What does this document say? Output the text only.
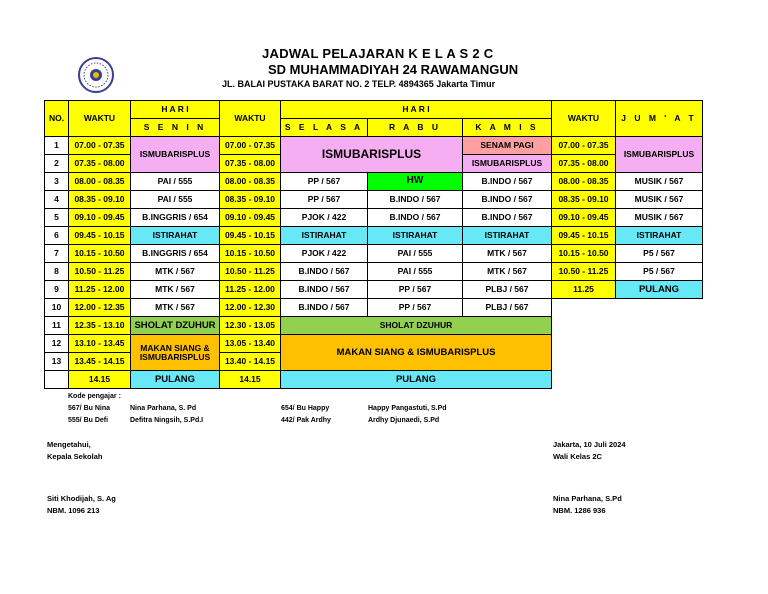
JADWAL PELAJARAN K E L A S 2 C
SD MUHAMMADIYAH 24 RAWAMANGUN
JL. BALAI PUSTAKA BARAT NO. 2 TELP. 4894365 Jakarta Timur
NO.	WAKTU	H A R I	WAKTU	H A R I			WAKTU	J U M ' A T
		S E N I N		S E L A S A	R A B U	K A M I S		
1	07.00 - 07.35	ISMUBARISPLUS	07.00 - 07.35	ISMUBARISPLUS		SENAM PAGI	07.00 - 07.35	ISMUBARISPLUS
2	07.35 - 08.00		07.35 - 08.00			ISMUBARISPLUS	07.35 - 08.00	
3	08.00 - 08.35	PAI / 555	08.00 - 08.35	PP / 567	HW	B.INDO / 567	08.00 - 08.35	MUSIK / 567
4	08.35 - 09.10	PAI / 555	08.35 - 09.10	PP / 567	B.INDO / 567	B.INDO / 567	08.35 - 09.10	MUSIK / 567
5	09.10 - 09.45	B.INGGRIS / 654	09.10 - 09.45	PJOK / 422	B.INDO / 567	B.INDO / 567	09.10 - 09.45	MUSIK / 567
6	09.45 - 10.15	ISTIRAHAT	09.45 - 10.15	ISTIRAHAT	ISTIRAHAT	ISTIRAHAT	09.45 - 10.15	ISTIRAHAT
7	10.15 - 10.50	B.INGGRIS / 654	10.15 - 10.50	PJOK / 422	PAI / 555	MTK / 567	10.15 - 10.50	P5 / 567
8	10.50 - 11.25	MTK / 567	10.50 - 11.25	B.INDO / 567	PAI / 555	MTK / 567	10.50 - 11.25	P5 / 567
9	11.25 - 12.00	MTK / 567	11.25 - 12.00	B.INDO / 567	PP / 567	PLBJ / 567	11.25	PULANG
10	12.00 - 12.35	MTK / 567	12.00 - 12.30	B.INDO / 567	PP / 567	PLBJ / 567		
11	12.35 - 13.10	SHOLAT DZUHUR	12.30 - 13.05	SHOLAT DZUHUR				
12	13.10 - 13.45	MAKAN SIANG & ISMUBARISPLUS	13.05 - 13.40	MAKAN SIANG & ISMUBARISPLUS				
13	13.45 - 14.15		13.40 - 14.15					
	14.15	PULANG	14.15	PULANG				
Kode pengajar :
567/ Bu Nina	Nina Parhana, S. Pd
555/ Bu Defi	Defitra Ningsih, S.Pd.I
654/ Bu Happy	Happy Pangastuti, S.Pd
442/ Pak Ardhy	Ardhy Djunaedi, S.Pd
Mengetahui,
Kepala Sekolah
Siti Khodijah, S. Ag
NBM. 1096 213
Jakarta, 10 Juli 2024
Wali Kelas 2C
Nina Parhana, S.Pd
NBM. 1286 936
